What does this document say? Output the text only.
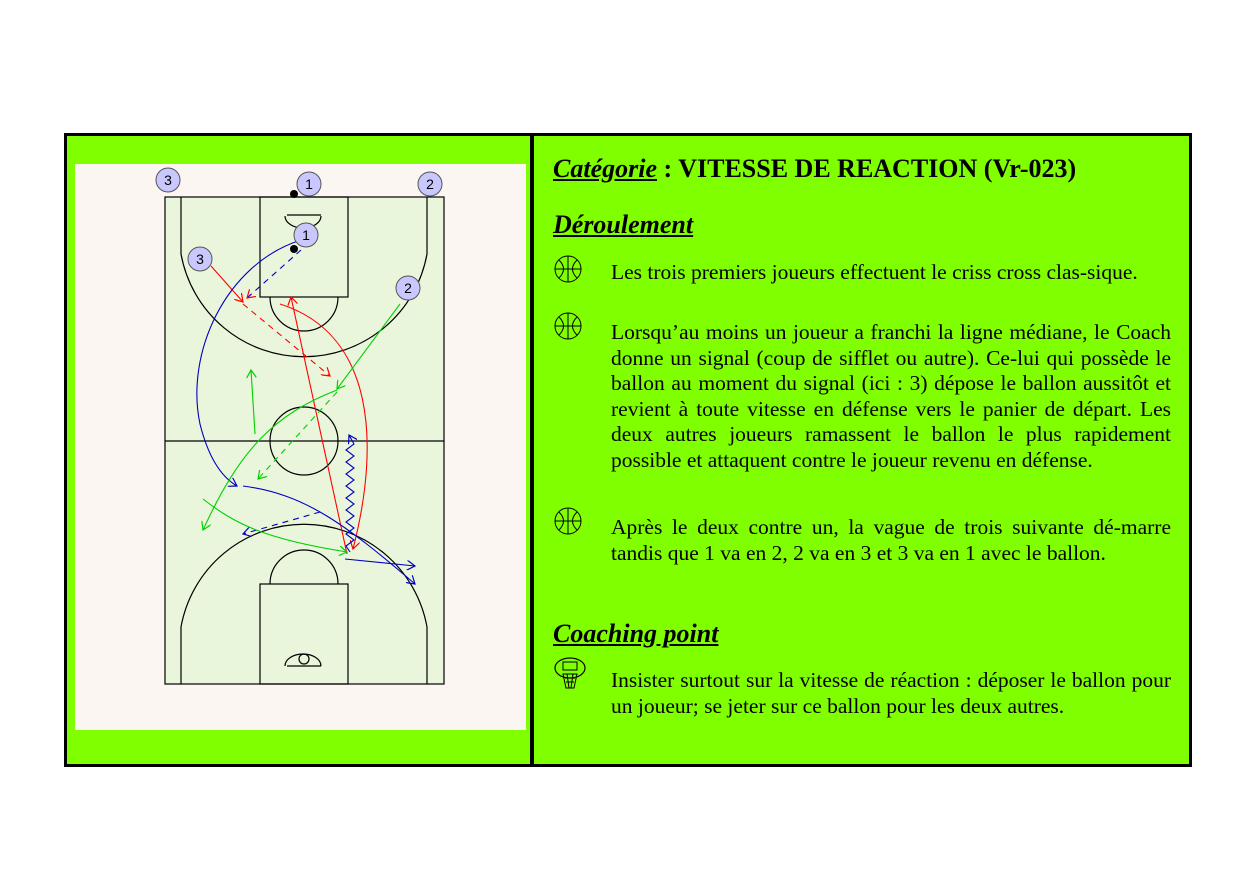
3	1	2
1
3
2
Catégorie : VITESSE DE REACTION (Vr-023)
Déroulement
Les trois premiers joueurs effectuent le criss cross clas-sique.
Lorsqu’au moins un joueur a franchi la ligne médiane, le Coach donne un signal (coup de sifflet ou autre). Ce-lui qui possède le ballon au moment du signal (ici : 3) dépose le ballon aussitôt et revient à toute vitesse en défense vers le panier de départ. Les deux autres joueurs ramassent le ballon le plus rapidement possible et attaquent contre le joueur revenu en défense.
Après le deux contre un, la vague de trois suivante dé-marre tandis que 1 va en 2, 2 va en 3 et 3 va en 1 avec le ballon.
Coaching point
Insister surtout sur la vitesse de réaction : déposer le ballon pour un joueur; se jeter sur ce ballon pour les deux autres.
